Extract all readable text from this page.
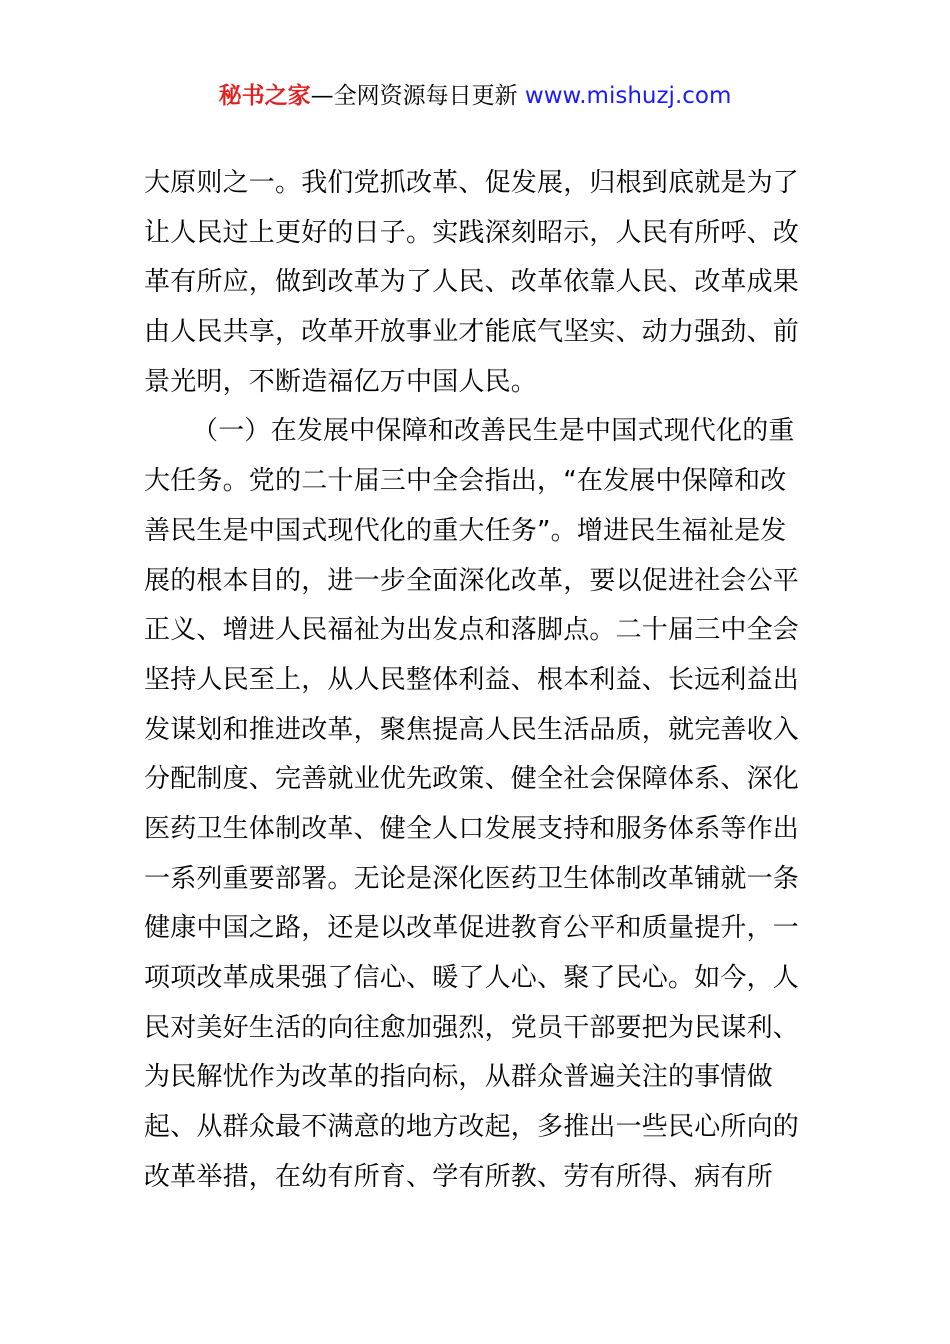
秘书之家—全网资源每日更新 www.mishuzj.com
大原则之一。我们党抓改革、促发展，归根到底就是为了
让人民过上更好的日子。实践深刻昭示，人民有所呼、改
革有所应，做到改革为了人民、改革依靠人民、改革成果
由人民共享，改革开放事业才能底气坚实、动力强劲、前
景光明，不断造福亿万中国人民。
（一）在发展中保障和改善民生是中国式现代化的重
大任务。党的二十届三中全会指出，“在发展中保障和改
善民生是中国式现代化的重大任务”。增进民生福祉是发
展的根本目的，进一步全面深化改革，要以促进社会公平
正义、增进人民福祉为出发点和落脚点。二十届三中全会
坚持人民至上，从人民整体利益、根本利益、长远利益出
发谋划和推进改革，聚焦提高人民生活品质，就完善收入
分配制度、完善就业优先政策、健全社会保障体系、深化
医药卫生体制改革、健全人口发展支持和服务体系等作出
一系列重要部署。无论是深化医药卫生体制改革铺就一条
健康中国之路，还是以改革促进教育公平和质量提升，一
项项改革成果强了信心、暖了人心、聚了民心。如今，人
民对美好生活的向往愈加强烈，党员干部要把为民谋利、
为民解忧作为改革的指向标，从群众普遍关注的事情做
起、从群众最不满意的地方改起，多推出一些民心所向的
改革举措，在幼有所育、学有所教、劳有所得、病有所
